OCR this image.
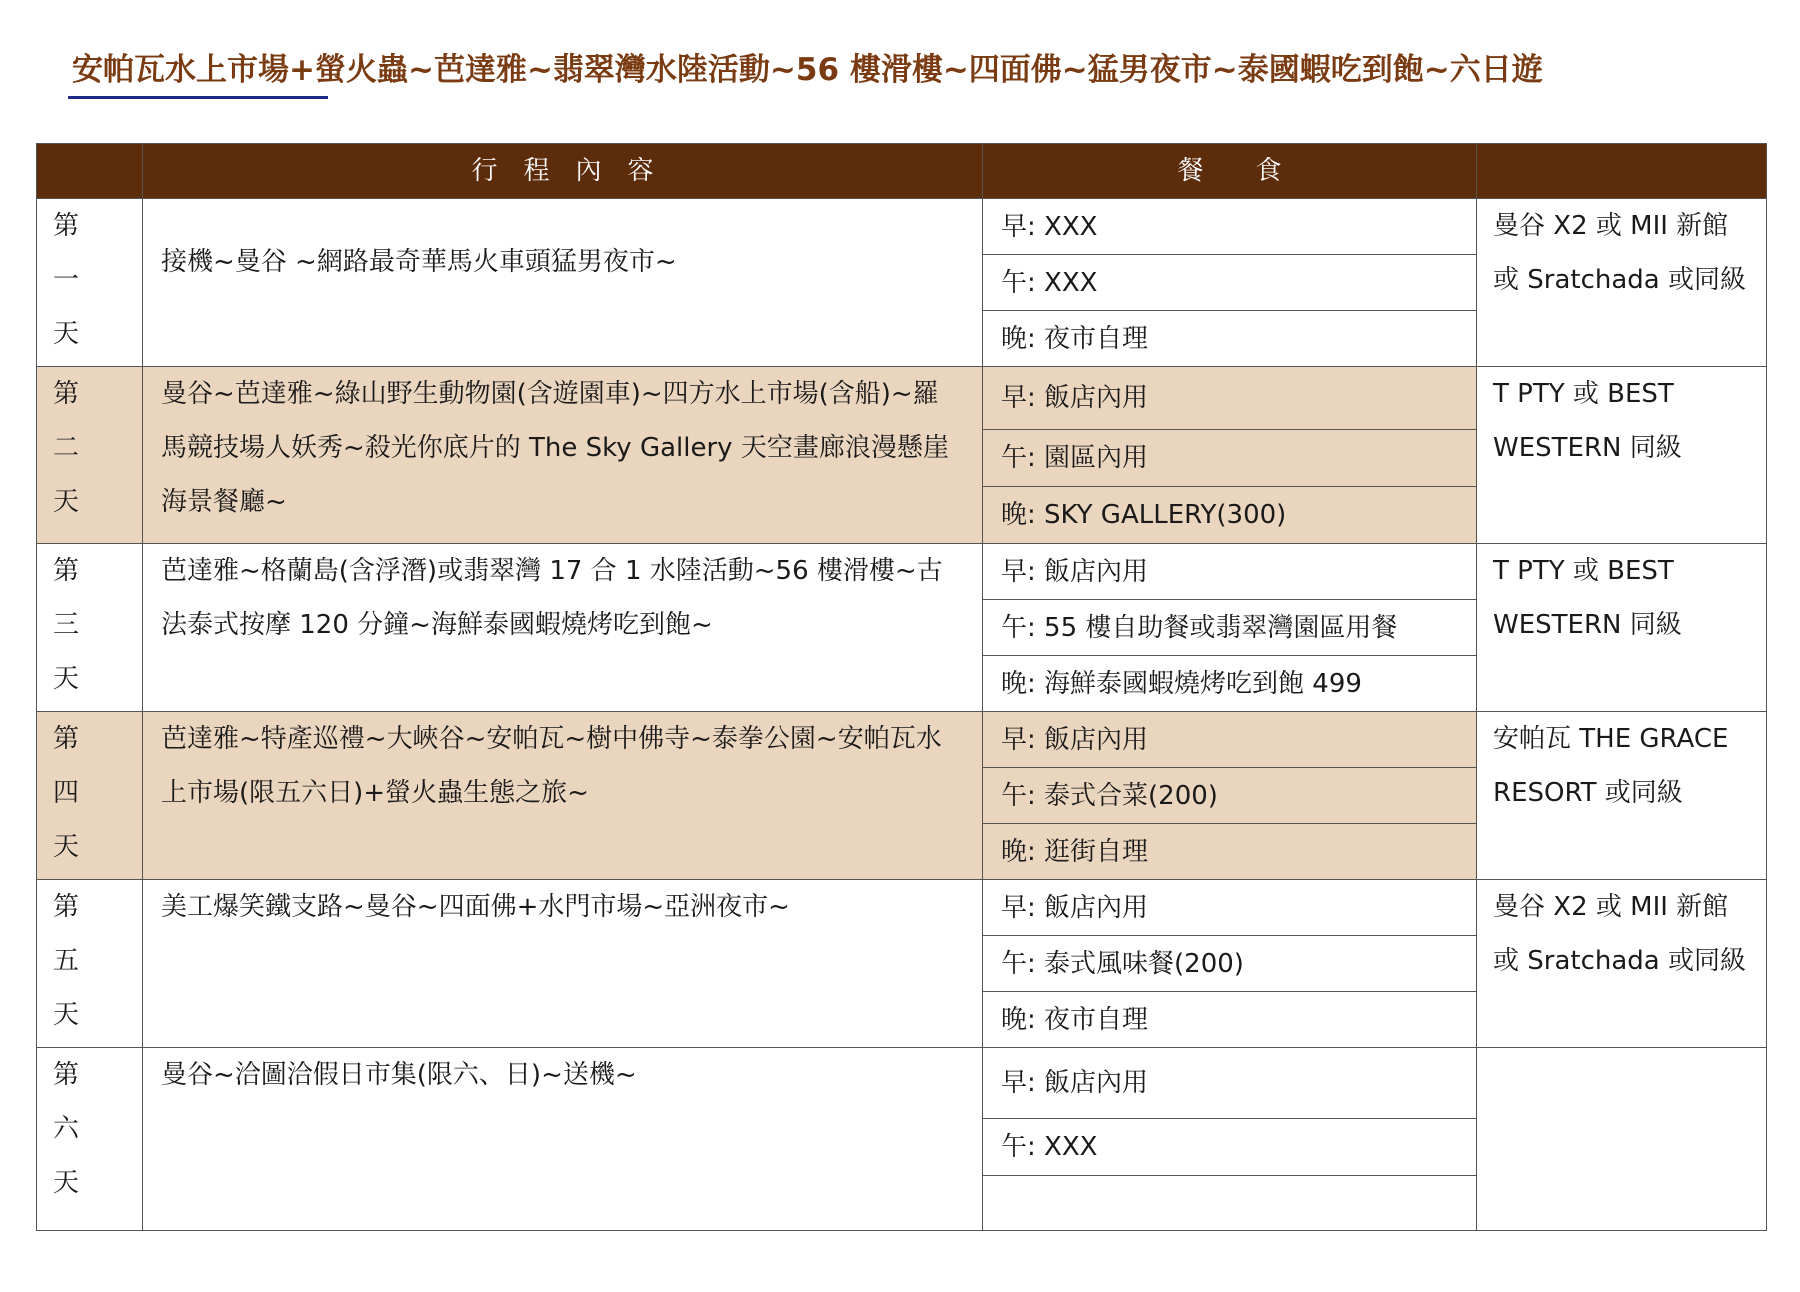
安帕瓦水上市場+螢火蟲~芭達雅~翡翠灣水陸活動~56 樓滑樓~四面佛~猛男夜市~泰國蝦吃到飽~六日遊
	行　程　內　容	餐　　食	

第
一
天	接機~曼谷 ~網路最奇華馬火車頭猛男夜市~	早: XXX	曼谷 X2 或 MII 新館或 Sratchada 或同級
		午: XXX	
		晚: 夜市自理	

第
二
天	曼谷~芭達雅~綠山野生動物園(含遊園車)~四方水上市場(含船)~羅馬競技場人妖秀~殺光你底片的 The Sky Gallery 天空畫廊浪漫懸崖海景餐廳~	早: 飯店內用	T PTY 或 BEST WESTERN 同級
		午: 園區內用	
		晚: SKY GALLERY(300)	

第
三
天	芭達雅~格蘭島(含浮潛)或翡翠灣 17 合 1 水陸活動~56 樓滑樓~古法泰式按摩 120 分鐘~海鮮泰國蝦燒烤吃到飽~	早: 飯店內用	T PTY 或 BEST WESTERN 同級
		午: 55 樓自助餐或翡翠灣園區用餐	
		晚: 海鮮泰國蝦燒烤吃到飽 499	

第
四
天	芭達雅~特產巡禮~大峽谷~安帕瓦~樹中佛寺~泰拳公園~安帕瓦水上市場(限五六日)+螢火蟲生態之旅~	早: 飯店內用	安帕瓦 THE GRACE RESORT 或同級
		午: 泰式合菜(200)	
		晚: 逛街自理	

第
五
天	美工爆笑鐵支路~曼谷~四面佛+水門市場~亞洲夜市~	早: 飯店內用	曼谷 X2 或 MII 新館或 Sratchada 或同級
		午: 泰式風味餐(200)	
		晚: 夜市自理	

第
六
天	曼谷~洽圖洽假日市集(限六、日)~送機~	早: 飯店內用	
		午: XXX	
